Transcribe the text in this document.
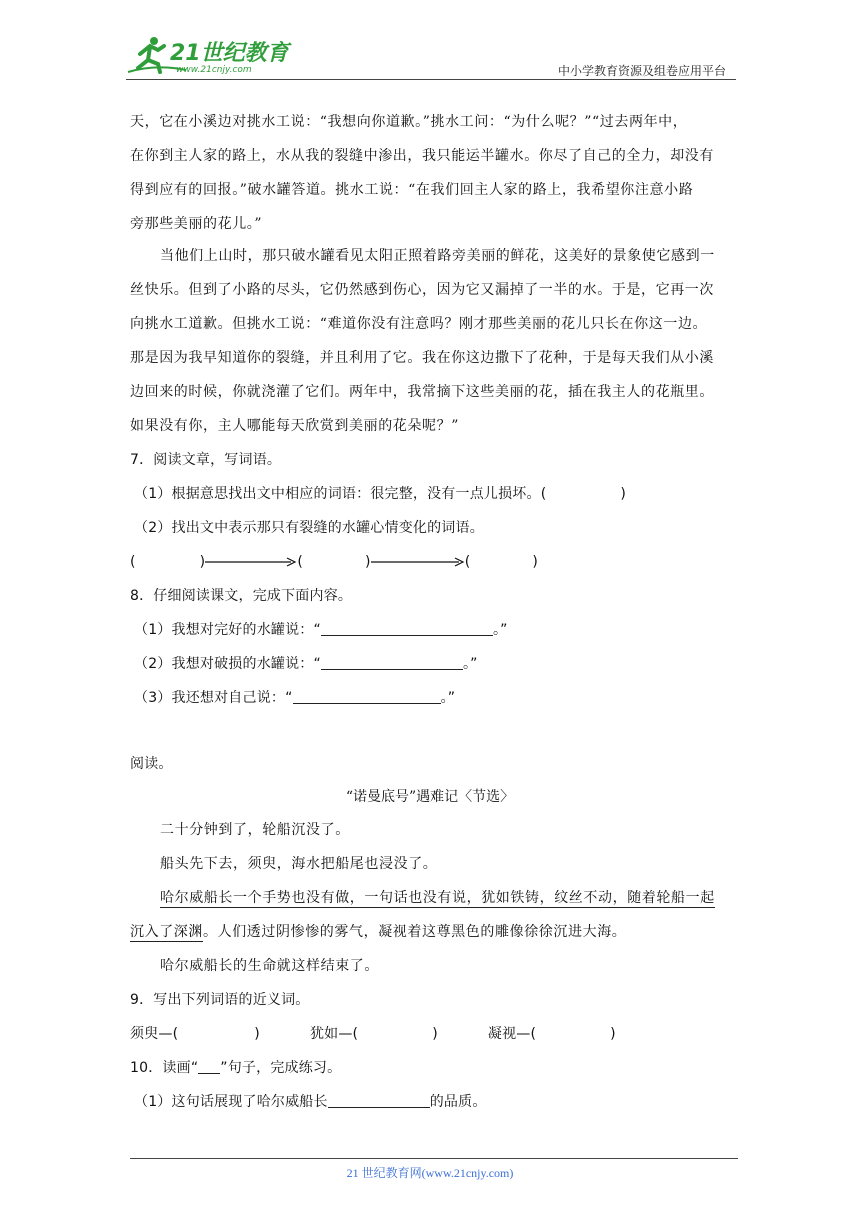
21世纪教育
www.21cnjy.com	中小学教育资源及组卷应用平台
天，它在小溪边对挑水工说：“我想向你道歉。”挑水工问：“为什么呢？”“过去两年中，
在你到主人家的路上，水从我的裂缝中渗出，我只能运半罐水。你尽了自己的全力，却没有
得到应有的回报。”破水罐答道。挑水工说：“在我们回主人家的路上，我希望你注意小路
旁那些美丽的花儿。”
当他们上山时，那只破水罐看见太阳正照着路旁美丽的鲜花，这美好的景象使它感到一
丝快乐。但到了小路的尽头，它仍然感到伤心，因为它又漏掉了一半的水。于是，它再一次
向挑水工道歉。但挑水工说：“难道你没有注意吗？刚才那些美丽的花儿只长在你这一边。
那是因为我早知道你的裂缝，并且利用了它。我在你这边撒下了花种，于是每天我们从小溪
边回来的时候，你就浇灌了它们。两年中，我常摘下这些美丽的花，插在我主人的花瓶里。
如果没有你，主人哪能每天欣赏到美丽的花朵呢？”
7．阅读文章，写词语。
（1）根据意思找出文中相应的词语：很完整，没有一点儿损坏。(	)
（2）找出文中表示那只有裂缝的水罐心情变化的词语。
(	)	(	)	(	)
8．仔细阅读课文，完成下面内容。
（1）我想对完好的水罐说：“	。”
（2）我想对破损的水罐说：“	。”
（3）我还想对自己说：“	。”
阅读。
“诺曼底号”遇难记〈节选〉
二十分钟到了，轮船沉没了。
船头先下去，须臾，海水把船尾也浸没了。
哈尔威船长一个手势也没有做，一句话也没有说，犹如铁铸，纹丝不动，随着轮船一起
沉入了深渊。人们透过阴惨惨的雾气，凝视着这尊黑色的雕像徐徐沉进大海。
哈尔威船长的生命就这样结束了。
9．写出下列词语的近义词。
须臾—(	)	犹如—(	)	凝视—(	)
10．读画“ ”句子，完成练习。
（1）这句话展现了哈尔威船长	的品质。
21 世纪教育网(www.21cnjy.com)
